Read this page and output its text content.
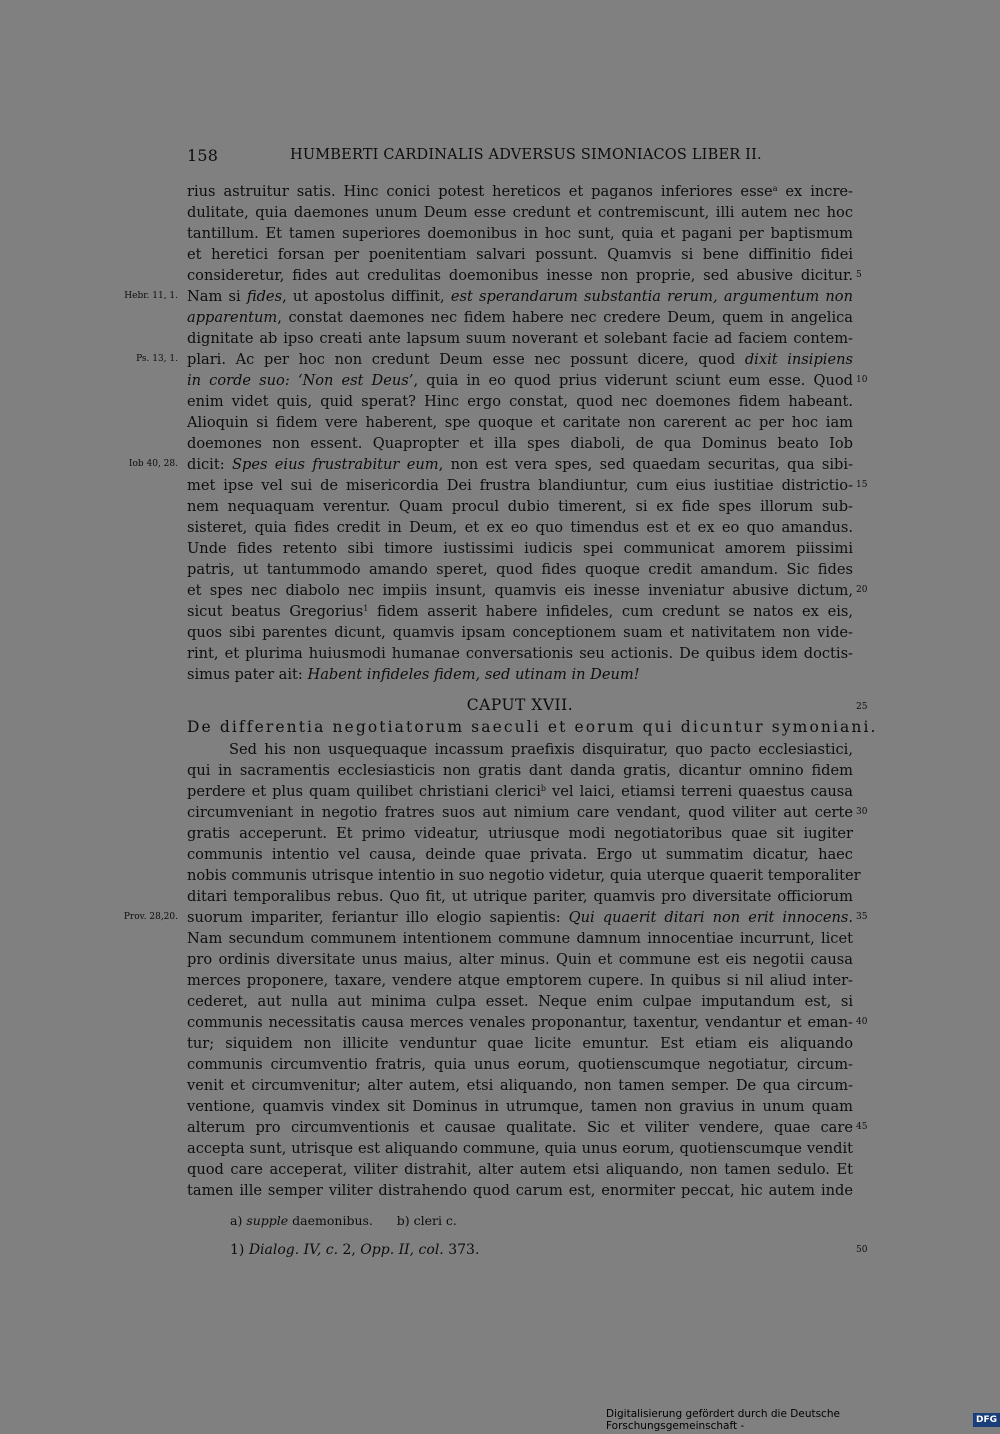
158	HUMBERTI CARDINALIS ADVERSUS SIMONIACOS LIBER II.
rius astruitur satis. Hinc conici potest hereticos et paganos inferiores esse$^a$ ex incre-
dulitate, quia daemones unum Deum esse credunt et contremiscunt, illi autem nec hoc
tantillum. Et tamen superiores doemonibus in hoc sunt, quia et pagani per baptismum
et heretici forsan per poenitentiam salvari possunt. Quamvis si bene diffinitio fidei
consideretur, fides aut credulitas doemonibus inesse non proprie, sed abusive dicitur.
Nam si fides, ut apostolus diffinit, est sperandarum substantia rerum, argumentum non
apparentum, constat daemones nec fidem habere nec credere Deum, quem in angelica
dignitate ab ipso creati ante lapsum suum noverant et solebant facie ad faciem contem-
plari. Ac per hoc non credunt Deum esse nec possunt dicere, quod dixit insipiens
in corde suo: ‘Non est Deus’, quia in eo quod prius viderunt sciunt eum esse. Quod
enim videt quis, quid sperat? Hinc ergo constat, quod nec doemones fidem habeant.
Alioquin si fidem vere haberent, spe quoque et caritate non carerent ac per hoc iam
doemones non essent. Quapropter et illa spes diaboli, de qua Dominus beato Iob
dicit: Spes eius frustrabitur eum, non est vera spes, sed quaedam securitas, qua sibi-
met ipse vel sui de misericordia Dei frustra blandiuntur, cum eius iustitiae districtio-
nem nequaquam verentur. Quam procul dubio timerent, si ex fide spes illorum sub-
sisteret, quia fides credit in Deum, et ex eo quo timendus est et ex eo quo amandus.
Unde fides retento sibi timore iustissimi iudicis spei communicat amorem piissimi
patris, ut tantummodo amando speret, quod fides quoque credit amandum. Sic fides
et spes nec diabolo nec impiis insunt, quamvis eis inesse inveniatur abusive dictum,
sicut beatus Gregorius$^1$ fidem asserit habere infideles, cum credunt se natos ex eis,
quos sibi parentes dicunt, quamvis ipsam conceptionem suam et nativitatem non vide-
rint, et plurima huiusmodi humanae conversationis seu actionis. De quibus idem doctis-
simus pater ait: Habent infideles fidem, sed utinam in Deum!
CAPUT XVII.
De differentia negotiatorum saeculi et eorum qui dicuntur symoniani.
Sed his non usquequaque incassum praefixis disquiratur, quo pacto ecclesiastici,
qui in sacramentis ecclesiasticis non gratis dant danda gratis, dicantur omnino fidem
perdere et plus quam quilibet christiani clerici$^b$ vel laici, etiamsi terreni quaestus causa
circumveniant in negotio fratres suos aut nimium care vendant, quod viliter aut certe
gratis acceperunt. Et primo videatur, utriusque modi negotiatoribus quae sit iugiter
communis intentio vel causa, deinde quae privata. Ergo ut summatim dicatur, haec
nobis communis utrisque intentio in suo negotio videtur, quia uterque quaerit temporaliter
ditari temporalibus rebus. Quo fit, ut utrique pariter, quamvis pro diversitate officiorum
suorum impariter, feriantur illo elogio sapientis: Qui quaerit ditari non erit innocens.
Nam secundum communem intentionem commune damnum innocentiae incurrunt, licet
pro ordinis diversitate unus maius, alter minus. Quin et commune est eis negotii causa
merces proponere, taxare, vendere atque emptorem cupere. In quibus si nil aliud inter-
cederet, aut nulla aut minima culpa esset. Neque enim culpae imputandum est, si
communis necessitatis causa merces venales proponantur, taxentur, vendantur et eman-
tur; siquidem non illicite venduntur quae licite emuntur. Est etiam eis aliquando
communis circumventio fratris, quia unus eorum, quotienscumque negotiatur, circum-
venit et circumvenitur; alter autem, etsi aliquando, non tamen semper. De qua circum-
ventione, quamvis vindex sit Dominus in utrumque, tamen non gravius in unum quam
alterum pro circumventionis et causae qualitate. Sic et viliter vendere, quae care
accepta sunt, utrisque est aliquando commune, quia unus eorum, quotienscumque vendit
quod care acceperat, viliter distrahit, alter autem etsi aliquando, non tamen sedulo. Et
tamen ille semper viliter distrahendo quod carum est, enormiter peccat, hic autem inde
Hebr. 11, 1.
Ps. 13, 1.
Iob 40, 28.
Prov. 28,20.
5
10
15
20
25
30
35
40
45
50
a) supple daemonibus.      b) cleri c.
1) Dialog. IV, c. 2, Opp. II, col. 373.
Digitalisierung gefördert durch die Deutsche Forschungsgemeinschaft -	DFG
